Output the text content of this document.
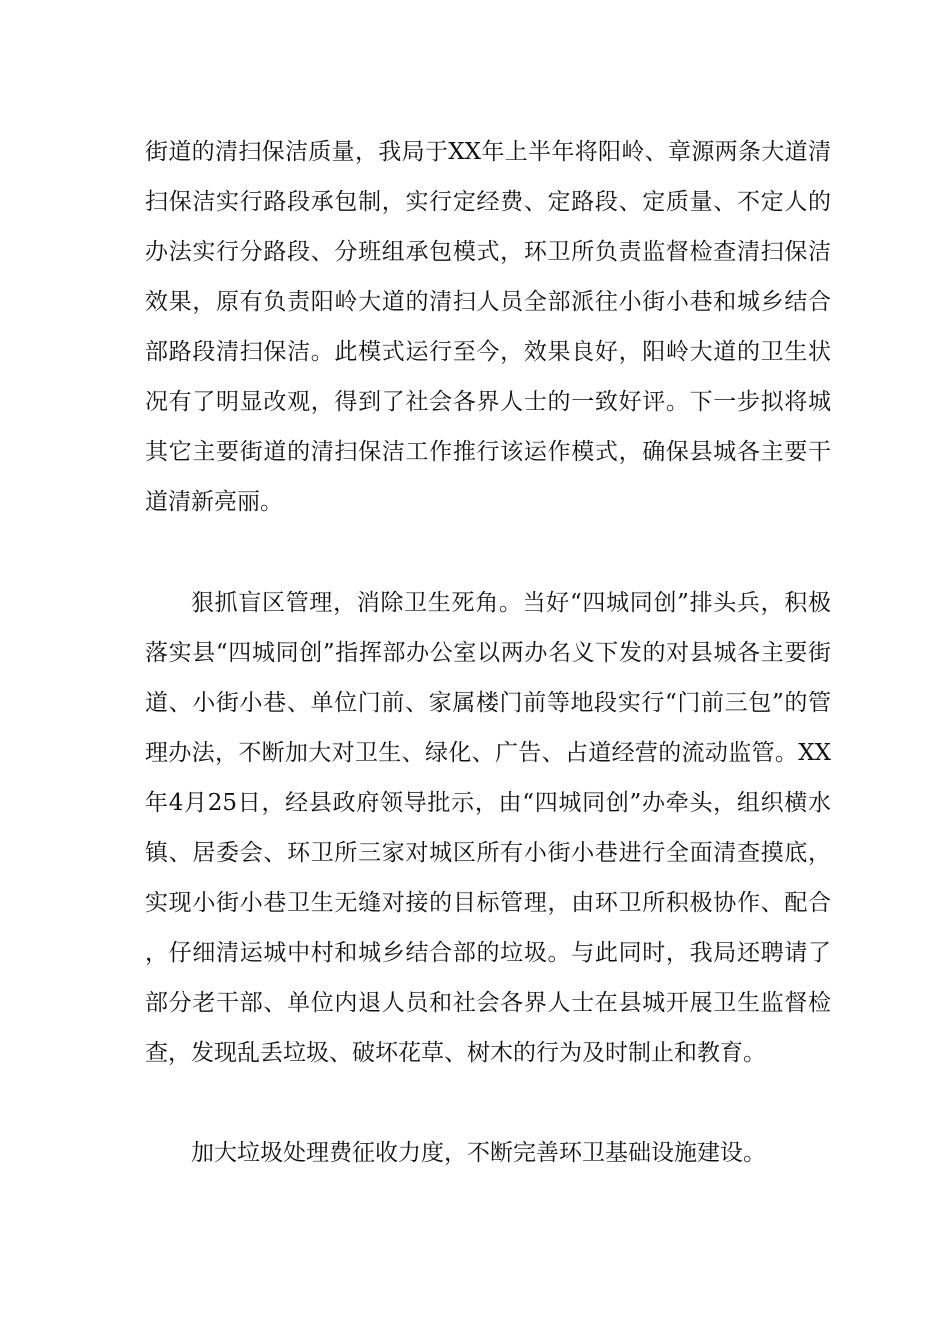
街道的清扫保洁质量，我局于XX年上半年将阳岭、章源两条大道清扫保洁实行路段承包制，实行定经费、定路段、定质量、不定人的办法实行分路段、分班组承包模式，环卫所负责监督检查清扫保洁效果，原有负责阳岭大道的清扫人员全部派往小街小巷和城乡结合部路段清扫保洁。此模式运行至今，效果良好，阳岭大道的卫生状况有了明显改观，得到了社会各界人士的一致好评。下一步拟将城其它主要街道的清扫保洁工作推行该运作模式，确保县城各主要干道清新亮丽。

狠抓盲区管理，消除卫生死角。当好“四城同创”排头兵，积极落实县“四城同创”指挥部办公室以两办名义下发的对县城各主要街道、小街小巷、单位门前、家属楼门前等地段实行“门前三包”的管理办法，不断加大对卫生、绿化、广告、占道经营的流动监管。XX年4月25日，经县政府领导批示，由“四城同创”办牵头，组织横水镇、居委会、环卫所三家对城区所有小街小巷进行全面清查摸底，实现小街小巷卫生无缝对接的目标管理，由环卫所积极协作、配合，仔细清运城中村和城乡结合部的垃圾。与此同时，我局还聘请了部分老干部、单位内退人员和社会各界人士在县城开展卫生监督检查，发现乱丢垃圾、破坏花草、树木的行为及时制止和教育。

加大垃圾处理费征收力度，不断完善环卫基础设施建设。
